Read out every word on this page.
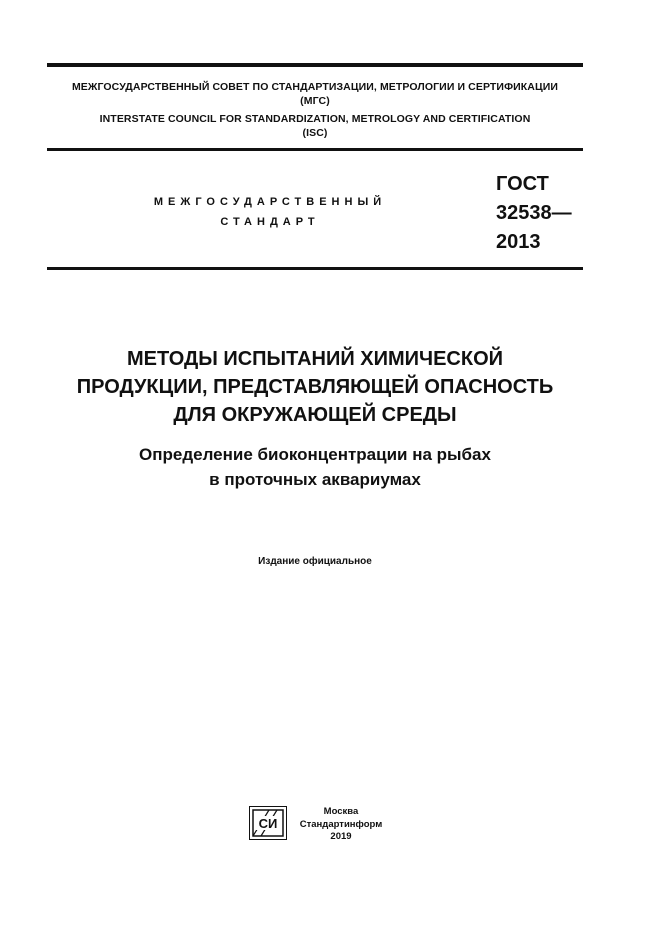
МЕЖГОСУДАРСТВЕННЫЙ СОВЕТ ПО СТАНДАРТИЗАЦИИ, МЕТРОЛОГИИ И СЕРТИФИКАЦИИ
(МГС)
INTERSTATE COUNCIL FOR STANDARDIZATION, METROLOGY AND CERTIFICATION
(ISC)
МЕЖГОСУДАРСТВЕННЫЙ
СТАНДАРТ
ГОСТ
32538—
2013
МЕТОДЫ ИСПЫТАНИЙ ХИМИЧЕСКОЙ
ПРОДУКЦИИ, ПРЕДСТАВЛЯЮЩЕЙ ОПАСНОСТЬ
ДЛЯ ОКРУЖАЮЩЕЙ СРЕДЫ
Определение биоконцентрации на рыбах
в проточных аквариумах
Издание официальное
СИ
Москва
Стандартинформ
2019
